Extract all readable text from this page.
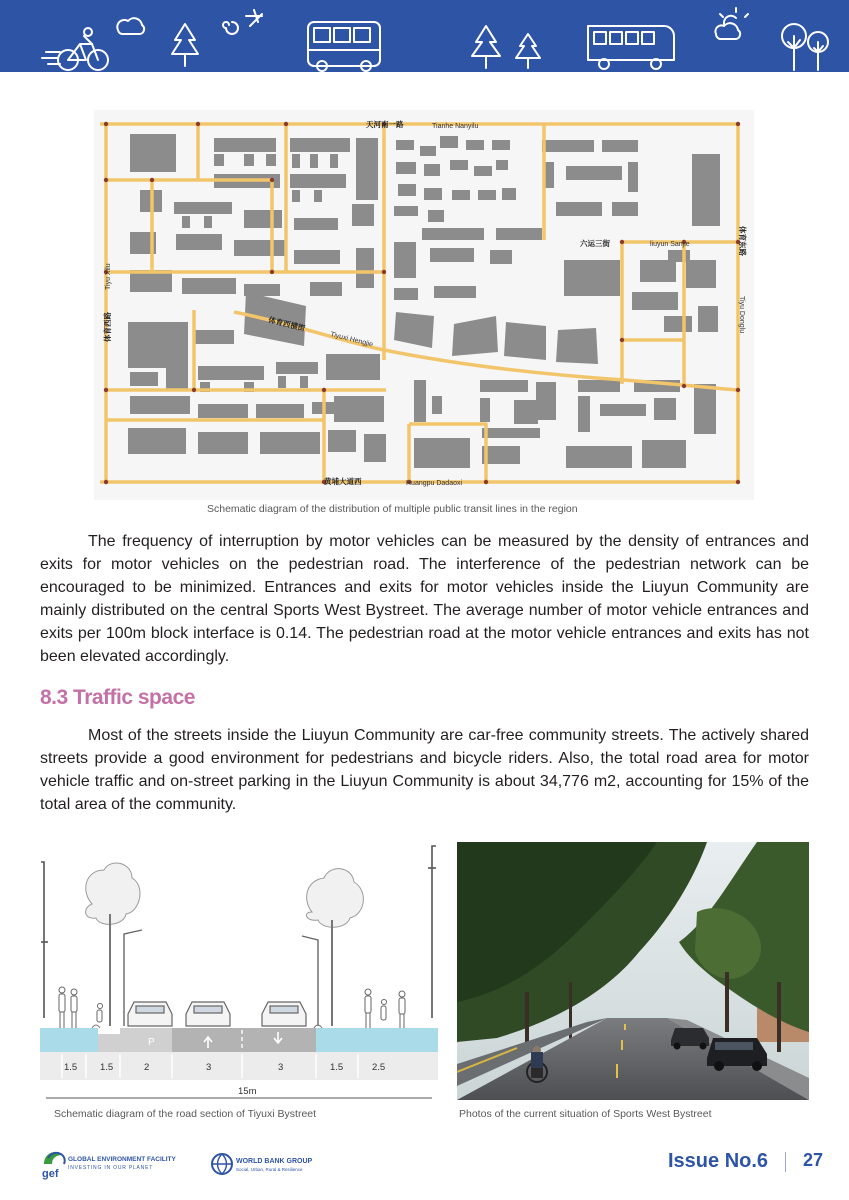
天河南一路	Tianhe Nanyilu
六运三街	liuyun Sanjie	体育东路
Tiyu Donglu
Tiyu Xilu
体育西路	体育西横街
Tiyuxi Hengjie
黄埔大道西	Huangpu Dadaoxi
Schematic diagram of the distribution of multiple public transit lines in the region

The frequency of interruption by motor vehicles can be measured by the density of entrances and exits for motor vehicles on the pedestrian road. The interference of the pedestrian network can be encouraged to be minimized. Entrances and exits for motor vehicles inside the Liuyun Community are mainly distributed on the central Sports West Bystreet. The average number of motor vehicle entrances and exits per 100m block interface is 0.14. The pedestrian road at the motor vehicle entrances and exits has not been elevated accordingly.

8.3 Traffic space

Most of the streets inside the Liuyun Community are car-free community streets. The actively shared streets provide a good environment for pedestrians and bicycle riders. Also, the total road area for motor vehicle traffic and on-street parking in the Liuyun Community is about 34,776 m2, accounting for 15% of the total area of the community.

P
1.5 1.5	2	3	3	1.5	2.5
15m
Schematic diagram of the road section of Tiyuxi Bystreet	Photos of the current situation of Sports West Bystreet
gef
GLOBAL ENVIRONMENT FACILITY
INVESTING IN OUR PLANET
WORLD BANK GROUP
Social, Urban, Rural & Resilience	Issue No.6 27
